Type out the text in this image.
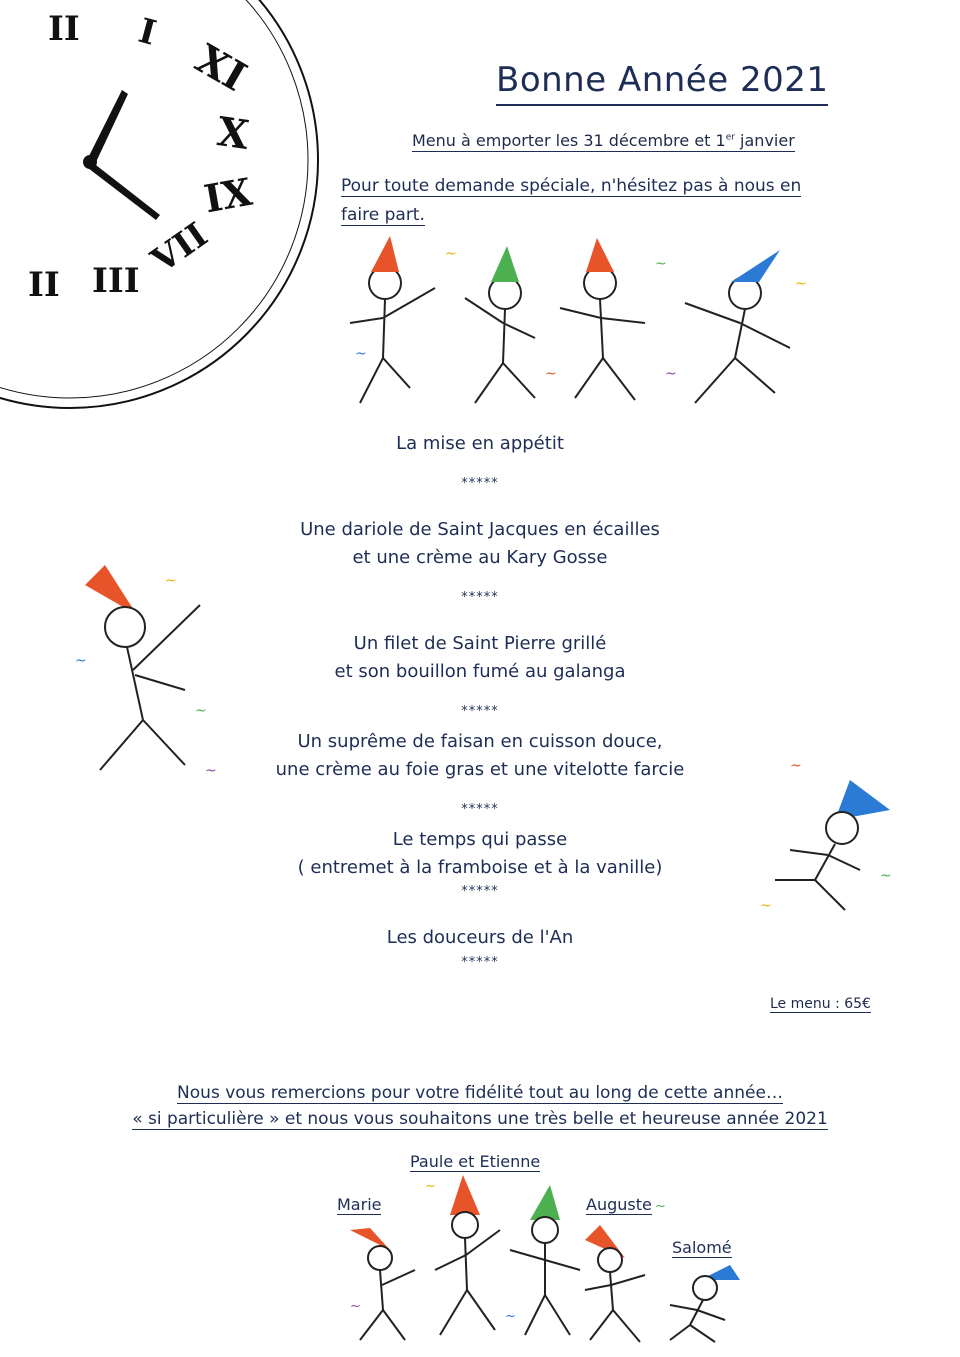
II I
XI
X
IX
VII
III
II
Bonne Année 2021
Menu à emporter les 31 décembre et 1er janvier
Pour toute demande spéciale, n'hésitez pas à nous en
faire part.
~
~
~
~	~
~
La mise en appétit
*****
Une dariole de Saint Jacques en écailles
et une crème au Kary Gosse
*****
Un filet de Saint Pierre grillé
et son bouillon fumé au galanga
*****
Un suprême de faisan en cuisson douce,
une crème au foie gras et une vitelotte farcie
*****
Le temps qui passe
( entremet à la framboise et à la vanille)
*****
Les douceurs de l'An
*****
~
~
~
~	~
~
~
Le menu : 65€
Nous vous remercions pour votre fidélité tout au long de cette année…
« si particulière » et nous vous souhaitons une très belle et heureuse année 2021
Paule et Etienne
Marie	Auguste
Salomé
~
~
~
~
